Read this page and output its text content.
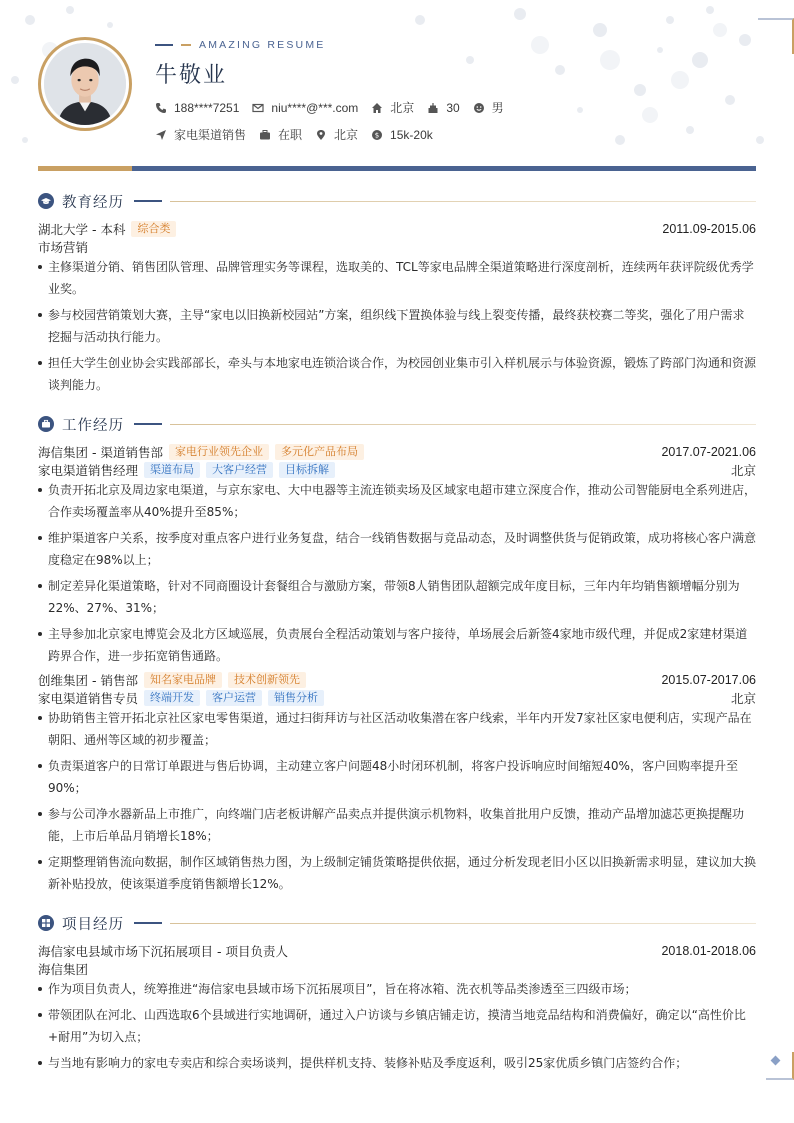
AMAZING RESUME
牛敬业
188****7251	niu****@***.com	北京	30	男
家电渠道销售	在职	北京 $ 15k-20k
教育经历
湖北大学 - 本科	综合类	2011.09-2015.06
市场营销
主修渠道分销、销售团队管理、品牌管理实务等课程，选取美的、TCL等家电品牌全渠道策略进行深度剖析，连续两年获评院级优秀学业奖。
参与校园营销策划大赛，主导“家电以旧换新校园站”方案，组织线下置换体验与线上裂变传播，最终获校赛二等奖，强化了用户需求挖掘与活动执行能力。
担任大学生创业协会实践部部长，牵头与本地家电连锁洽谈合作，为校园创业集市引入样机展示与体验资源，锻炼了跨部门沟通和资源谈判能力。
工作经历
海信集团 - 渠道销售部	家电行业领先企业	多元化产品布局	2017.07-2021.06
家电渠道销售经理	渠道布局	大客户经营	目标拆解	北京
负责开拓北京及周边家电渠道，与京东家电、大中电器等主流连锁卖场及区域家电超市建立深度合作，推动公司智能厨电全系列进店，合作卖场覆盖率从40%提升至85%；
维护渠道客户关系，按季度对重点客户进行业务复盘，结合一线销售数据与竞品动态，及时调整供货与促销政策，成功将核心客户满意度稳定在98%以上；
制定差异化渠道策略，针对不同商圈设计套餐组合与激励方案，带领8人销售团队超额完成年度目标，三年内年均销售额增幅分别为22%、27%、31%；
主导参加北京家电博览会及北方区域巡展，负责展台全程活动策划与客户接待，单场展会后新签4家地市级代理，并促成2家建材渠道跨界合作，进一步拓宽销售通路。
创维集团 - 销售部	知名家电品牌	技术创新领先	2015.07-2017.06
家电渠道销售专员	终端开发	客户运营	销售分析	北京
协助销售主管开拓北京社区家电零售渠道，通过扫街拜访与社区活动收集潜在客户线索，半年内开发7家社区家电便利店，实现产品在朝阳、通州等区域的初步覆盖；
负责渠道客户的日常订单跟进与售后协调，主动建立客户问题48小时闭环机制，将客户投诉响应时间缩短40%，客户回购率提升至90%；
参与公司净水器新品上市推广，向终端门店老板讲解产品卖点并提供演示机物料，收集首批用户反馈，推动产品增加滤芯更换提醒功能，上市后单品月销增长18%；
定期整理销售流向数据，制作区域销售热力图，为上级制定铺货策略提供依据，通过分析发现老旧小区以旧换新需求明显，建议加大换新补贴投放，使该渠道季度销售额增长12%。
项目经历
海信家电县域市场下沉拓展项目 - 项目负责人	2018.01-2018.06
海信集团
作为项目负责人，统筹推进“海信家电县域市场下沉拓展项目”，旨在将冰箱、洗衣机等品类渗透至三四级市场；
带领团队在河北、山西选取6个县域进行实地调研，通过入户访谈与乡镇店铺走访，摸清当地竞品结构和消费偏好，确定以“高性价比+耐用”为切入点；
与当地有影响力的家电专卖店和综合卖场谈判，提供样机支持、装修补贴及季度返利，吸引25家优质乡镇门店签约合作；
